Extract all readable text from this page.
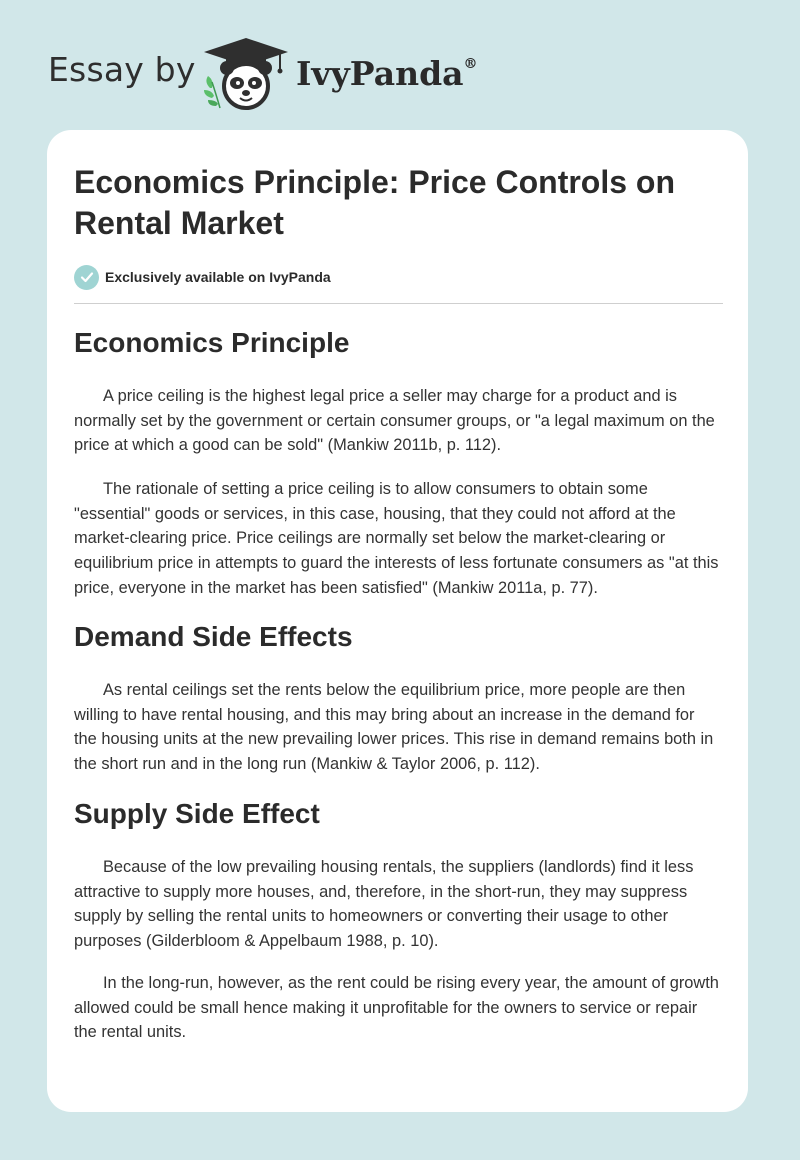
Essay by	IvyPanda®
Economics Principle: Price Controls on Rental Market
Exclusively available on IvyPanda
Economics Principle

A price ceiling is the highest legal price a seller may charge for a product and is normally set by the government or certain consumer groups, or "a legal maximum on the price at which a good can be sold" (Mankiw 2011b, p. 112).

The rationale of setting a price ceiling is to allow consumers to obtain some "essential" goods or services, in this case, housing, that they could not afford at the market-clearing price. Price ceilings are normally set below the market-clearing or equilibrium price in attempts to guard the interests of less fortunate consumers as "at this price, everyone in the market has been satisfied" (Mankiw 2011a, p. 77).

Demand Side Effects

As rental ceilings set the rents below the equilibrium price, more people are then willing to have rental housing, and this may bring about an increase in the demand for the housing units at the new prevailing lower prices. This rise in demand remains both in the short run and in the long run (Mankiw & Taylor 2006, p. 112).

Supply Side Effect

Because of the low prevailing housing rentals, the suppliers (landlords) find it less attractive to supply more houses, and, therefore, in the short-run, they may suppress supply by selling the rental units to homeowners or converting their usage to other purposes (Gilderbloom & Appelbaum 1988, p. 10).

In the long-run, however, as the rent could be rising every year, the amount of growth allowed could be small hence making it unprofitable for the owners to service or repair the rental units.
